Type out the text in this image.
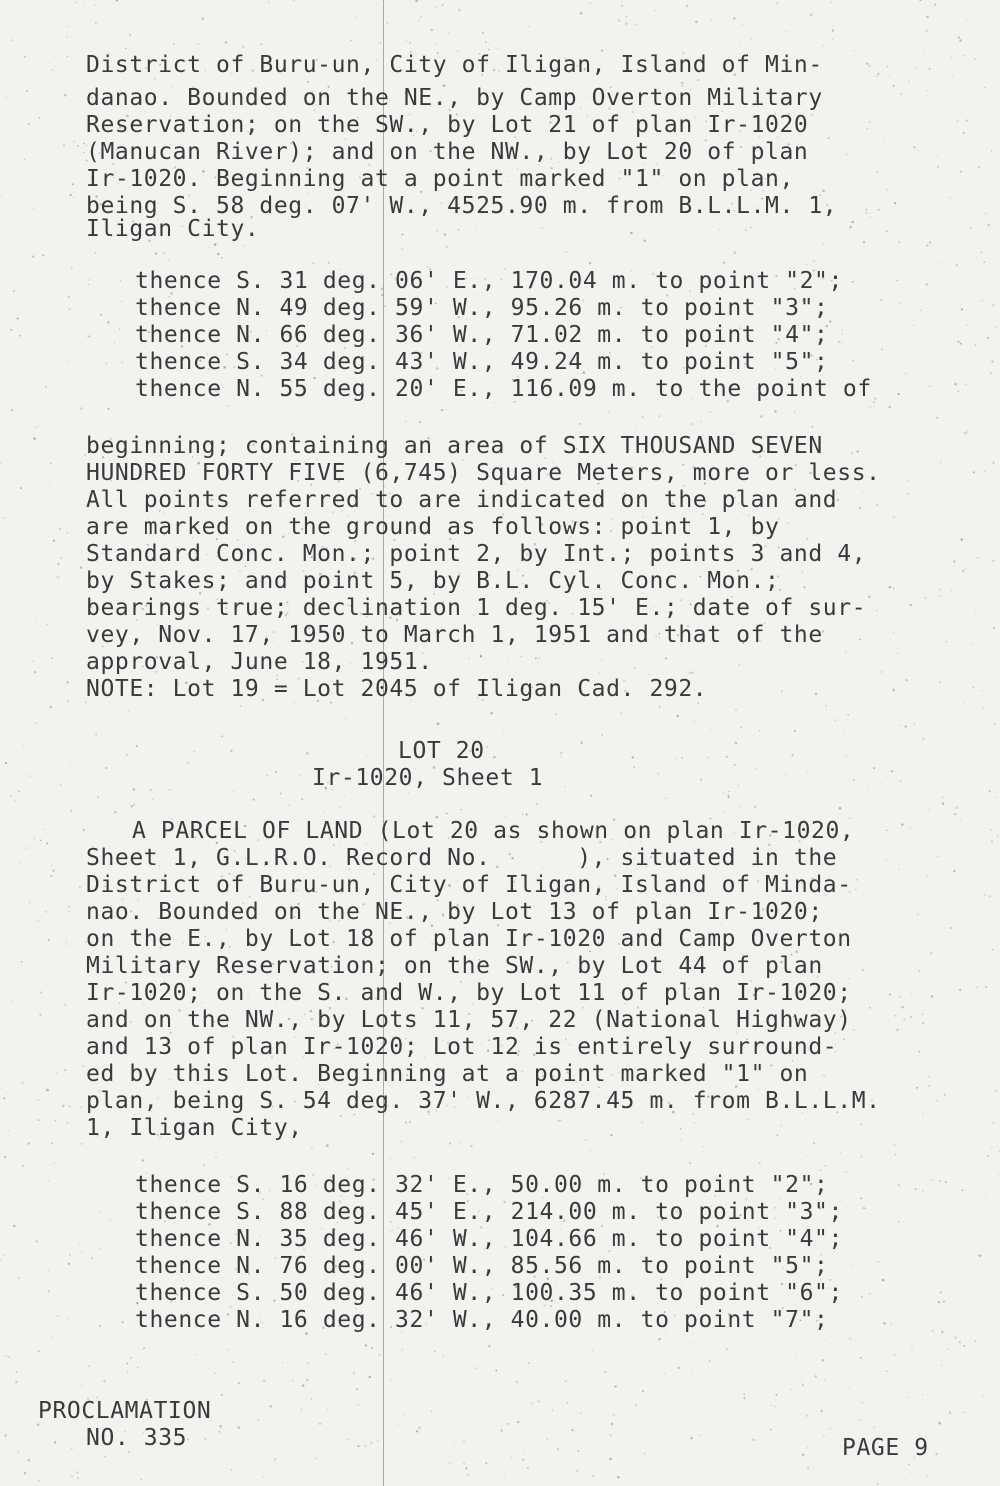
District of Buru-un, City of Iligan, Island of Min-
danao. Bounded on the NE., by Camp Overton Military
Reservation; on the SW., by Lot 21 of plan Ir-1020
(Manucan River); and on the NW., by Lot 20 of plan
Ir-1020. Beginning at a point marked "1" on plan,
being S. 58 deg. 07' W., 4525.90 m. from B.L.L.M. 1,
Iligan City.
thence S. 31 deg. 06' E., 170.04 m. to point "2";
thence N. 49 deg. 59' W., 95.26 m. to point "3";
thence N. 66 deg. 36' W., 71.02 m. to point "4";
thence S. 34 deg. 43' W., 49.24 m. to point "5";
thence N. 55 deg. 20' E., 116.09 m. to the point of
beginning; containing an area of SIX THOUSAND SEVEN
HUNDRED FORTY FIVE (6,745) Square Meters, more or less.
All points referred to are indicated on the plan and
are marked on the ground as follows: point 1, by
Standard Conc. Mon.; point 2, by Int.; points 3 and 4,
by Stakes; and point 5, by B.L. Cyl. Conc. Mon.;
bearings true; declination 1 deg. 15' E.; date of sur-
vey, Nov. 17, 1950 to March 1, 1951 and that of the
approval, June 18, 1951.
NOTE: Lot 19 = Lot 2045 of Iligan Cad. 292.
LOT 20
Ir-1020, Sheet 1
A PARCEL OF LAND (Lot 20 as shown on plan Ir-1020,
Sheet 1, G.L.R.O. Record No.      ), situated in the
District of Buru-un, City of Iligan, Island of Minda-
nao. Bounded on the NE., by Lot 13 of plan Ir-1020;
on the E., by Lot 18 of plan Ir-1020 and Camp Overton
Military Reservation; on the SW., by Lot 44 of plan
Ir-1020; on the S. and W., by Lot 11 of plan Ir-1020;
and on the NW., by Lots 11, 57, 22 (National Highway)
and 13 of plan Ir-1020; Lot 12 is entirely surround-
ed by this Lot. Beginning at a point marked "1" on
plan, being S. 54 deg. 37' W., 6287.45 m. from B.L.L.M.
1, Iligan City,
thence S. 16 deg. 32' E., 50.00 m. to point "2";
thence S. 88 deg. 45' E., 214.00 m. to point "3";
thence N. 35 deg. 46' W., 104.66 m. to point "4";
thence N. 76 deg. 00' W., 85.56 m. to point "5";
thence S. 50 deg. 46' W., 100.35 m. to point "6";
thence N. 16 deg. 32' W., 40.00 m. to point "7";
PROCLAMATION
NO. 335	PAGE 9
